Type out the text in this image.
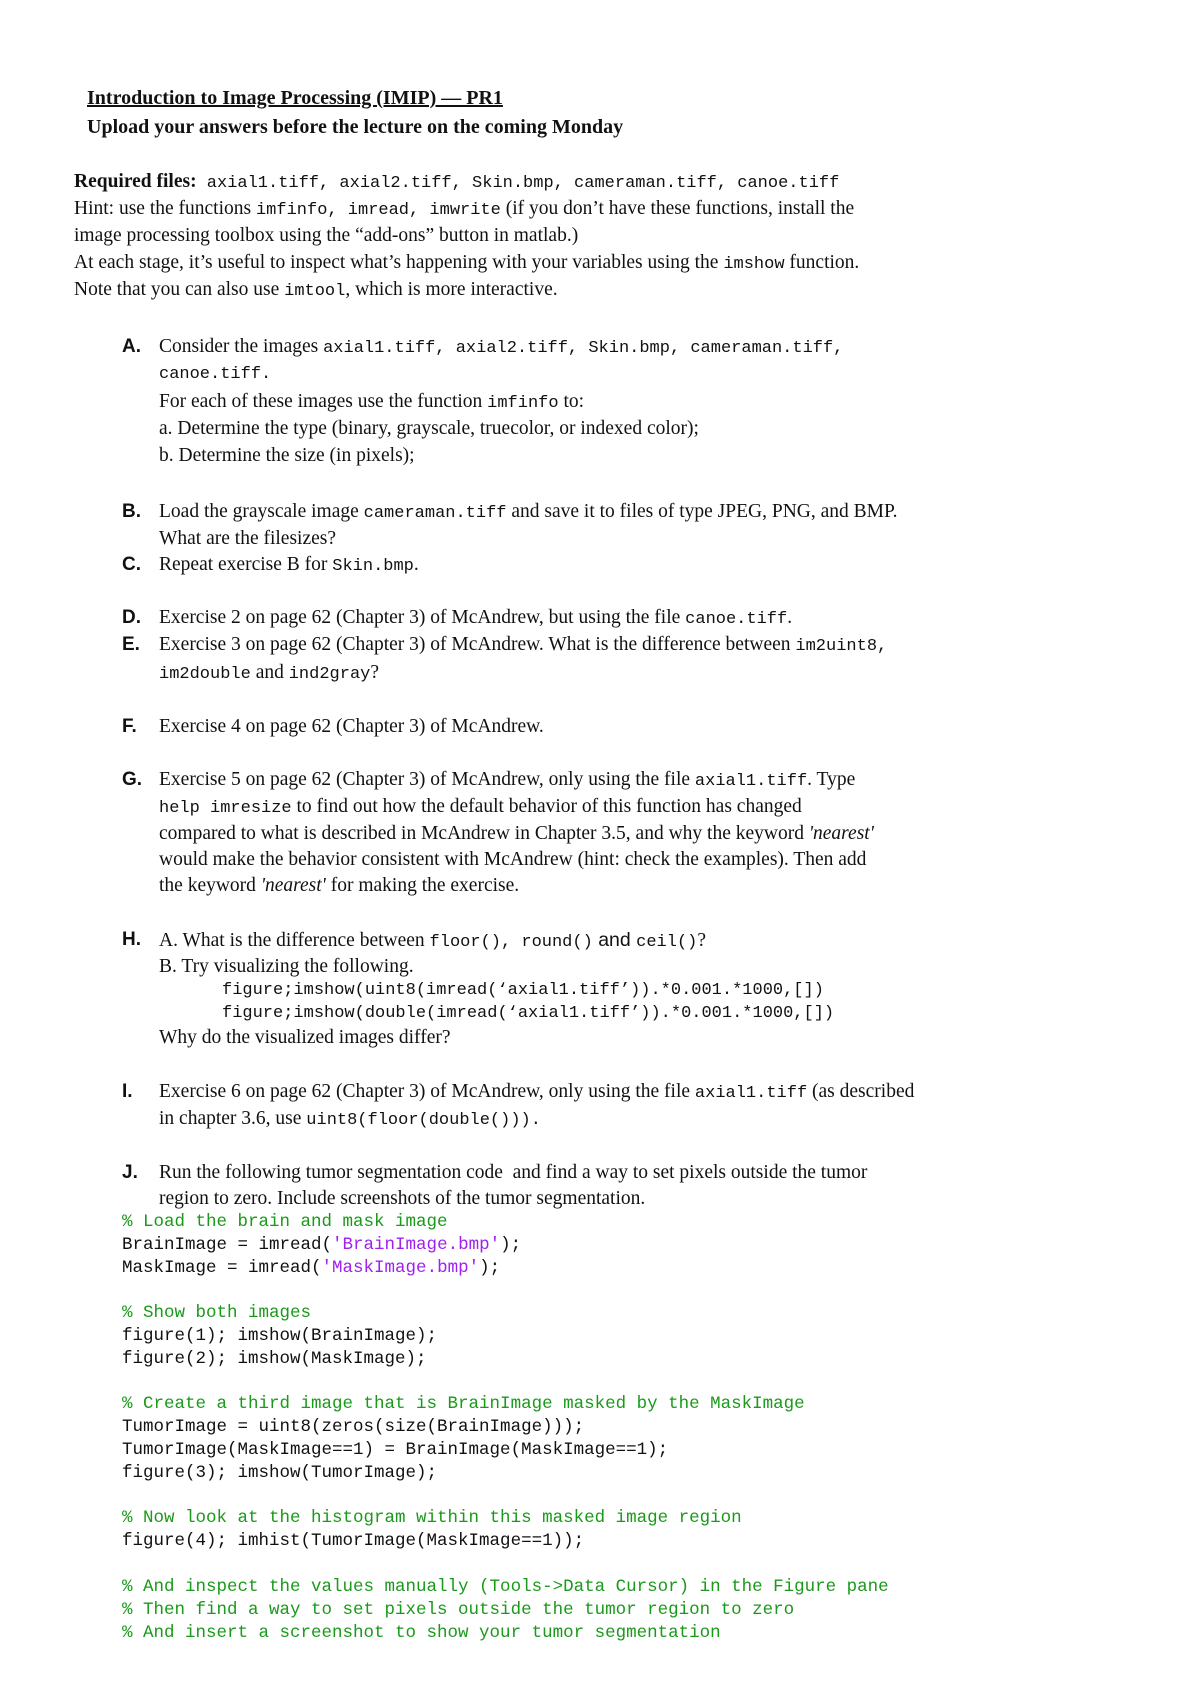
Introduction to Image Processing (IMIP) — PR1
Upload your answers before the lecture on the coming Monday
Required files: axial1.tiff, axial2.tiff, Skin.bmp, cameraman.tiff, canoe.tiff
Hint: use the functions imfinfo, imread, imwrite (if you don’t have these functions, install the
image processing toolbox using the “add-ons” button in matlab.)
At each stage, it’s useful to inspect what’s happening with your variables using the imshow function.
Note that you can also use imtool, which is more interactive.
A. Consider the images axial1.tiff, axial2.tiff, Skin.bmp, cameraman.tiff,
canoe.tiff.
For each of these images use the function imfinfo to:
a. Determine the type (binary, grayscale, truecolor, or indexed color);
b. Determine the size (in pixels);
B. Load the grayscale image cameraman.tiff and save it to files of type JPEG, PNG, and BMP.
What are the filesizes?
C. Repeat exercise B for Skin.bmp.
D. Exercise 2 on page 62 (Chapter 3) of McAndrew, but using the file canoe.tiff.
E. Exercise 3 on page 62 (Chapter 3) of McAndrew. What is the difference between im2uint8,
im2double and ind2gray?
F. Exercise 4 on page 62 (Chapter 3) of McAndrew.
G. Exercise 5 on page 62 (Chapter 3) of McAndrew, only using the file axial1.tiff. Type
help imresize to find out how the default behavior of this function has changed
compared to what is described in McAndrew in Chapter 3.5, and why the keyword 'nearest'
would make the behavior consistent with McAndrew (hint: check the examples). Then add
the keyword 'nearest' for making the exercise.
H. A. What is the difference between floor(), round() and ceil()?
B. Try visualizing the following.
figure;imshow(uint8(imread(‘axial1.tiff’)).*0.001.*1000,[])
figure;imshow(double(imread(‘axial1.tiff’)).*0.001.*1000,[])
Why do the visualized images differ?
I. Exercise 6 on page 62 (Chapter 3) of McAndrew, only using the file axial1.tiff (as described
in chapter 3.6, use uint8(floor(double())).
J. Run the following tumor segmentation code  and find a way to set pixels outside the tumor
region to zero. Include screenshots of the tumor segmentation.
% Load the brain and mask image
BrainImage = imread('BrainImage.bmp');
MaskImage = imread('MaskImage.bmp');
% Show both images
figure(1); imshow(BrainImage);
figure(2); imshow(MaskImage);
% Create a third image that is BrainImage masked by the MaskImage
TumorImage = uint8(zeros(size(BrainImage)));
TumorImage(MaskImage==1) = BrainImage(MaskImage==1);
figure(3); imshow(TumorImage);
% Now look at the histogram within this masked image region
figure(4); imhist(TumorImage(MaskImage==1));
% And inspect the values manually (Tools->Data Cursor) in the Figure pane
% Then find a way to set pixels outside the tumor region to zero
% And insert a screenshot to show your tumor segmentation
